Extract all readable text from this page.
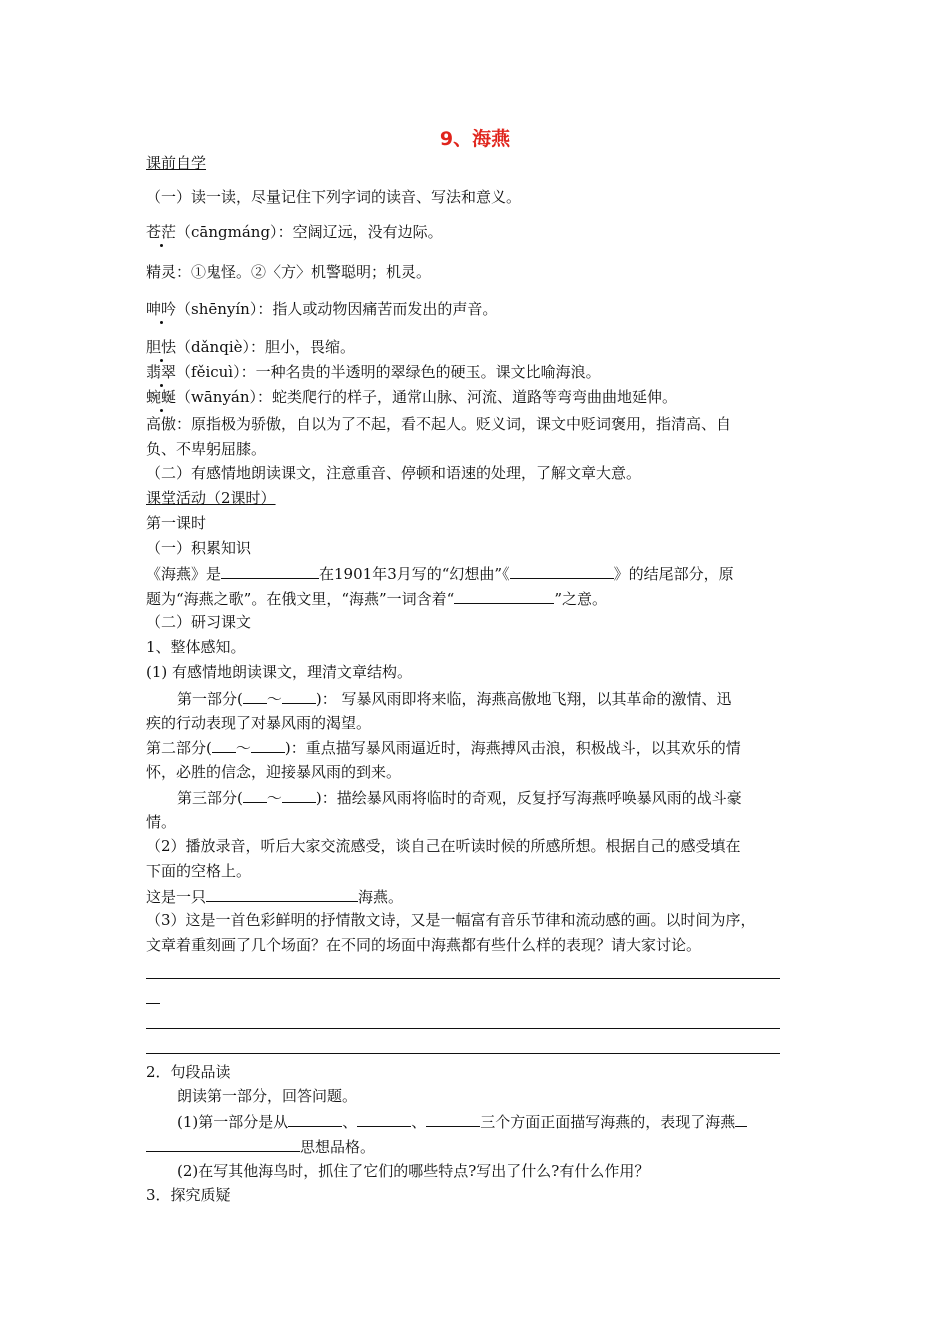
9、海燕
课前自学
（一）读一读，尽量记住下列字词的读音、写法和意义。
苍茫（cāngmáng）：空阔辽远，没有边际。
精灵：①鬼怪。②〈方〉机警聪明；机灵。
呻吟（shēnyín）：指人或动物因痛苦而发出的声音。
胆怯（dǎnqiè）：胆小，畏缩。
翡翠（fěicuì）：一种名贵的半透明的翠绿色的硬玉。课文比喻海浪。
蜿蜒（wānyán）：蛇类爬行的样子，通常山脉、河流、道路等弯弯曲曲地延伸。
高傲：原指极为骄傲，自以为了不起，看不起人。贬义词，课文中贬词褒用，指清高、自
负、不卑躬屈膝。
（二）有感情地朗读课文，注意重音、停顿和语速的处理，了解文章大意。
课堂活动（2课时）
第一课时
（一）积累知识
《海燕》是	在1901年3月写的“幻想曲”《	》的结尾部分，原
题为“海燕之歌”。在俄文里，“海燕”一词含着“	”之意。
（二）研习课文
1、整体感知。
(1) 有感情地朗读课文，理清文章结构。
第一部分( ～ )： 写暴风雨即将来临，海燕高傲地飞翔，以其革命的激情、迅
疾的行动表现了对暴风雨的渴望。
第二部分( ～ )：重点描写暴风雨逼近时，海燕搏风击浪，积极战斗，以其欢乐的情
怀，必胜的信念，迎接暴风雨的到来。
第三部分( ～ )：描绘暴风雨将临时的奇观，反复抒写海燕呼唤暴风雨的战斗豪
情。
（2）播放录音，听后大家交流感受，谈自己在听读时候的所感所想。根据自己的感受填在
下面的空格上。
这是一只	海燕。
（3）这是一首色彩鲜明的抒情散文诗，又是一幅富有音乐节律和流动感的画。以时间为序，
文章着重刻画了几个场面？在不同的场面中海燕都有些什么样的表现？请大家讨论。
2．句段品读
朗读第一部分，回答问题。
(1)第一部分是从	、	、	三个方面正面描写海燕的，表现了海燕
思想品格。
(2)在写其他海鸟时，抓住了它们的哪些特点?写出了什么?有什么作用？
3．探究质疑
